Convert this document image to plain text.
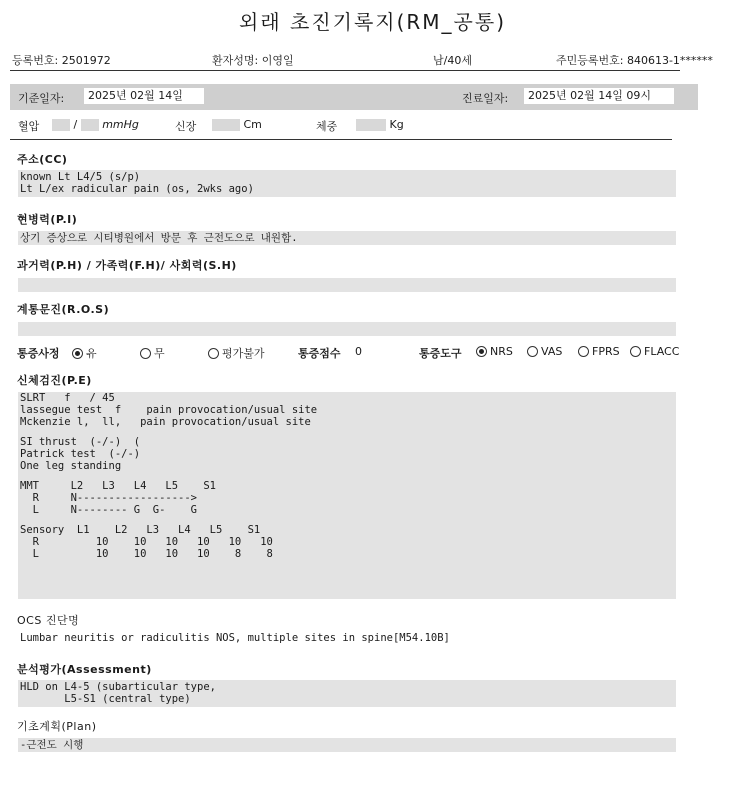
외래 초진기록지(RM_공통)
등록번호: 2501972	환자성명: 이영일	남/40세	주민등록번호: 840613-1******
기준일자:	2025년 02월 14일	진료일자:	2025년 02월 14일 09시
혈압	/ mmHg	신장	Cm	체중	Kg
주소(CC)
known Lt L4/5 (s/p)
Lt L/ex radicular pain (os, 2wks ago)
현병력(P.I)
상기 증상으로 시티병원에서 방문 후 근전도으로 내원함.
과거력(P.H) / 가족력(F.H)/ 사회력(S.H)
계통문진(R.O.S)
통증사정	유	무	평가불가	통증점수 0	통증도구	NRS	VAS	FPRS	FLACC
신체검진(P.E)
SLRT   f   / 45
lassegue test  f    pain provocation/usual site
Mckenzie l,  ll,   pain provocation/usual site
SI thrust  (-/-)  (
Patrick test  (-/-)
One leg standing
MMT     L2   L3   L4   L5    S1
R     N------------------>
L     N-------- G  G-    G
Sensory  L1    L2   L3   L4   L5    S1
R         10    10   10   10   10   10
L         10    10   10   10    8    8
OCS 진단명
Lumbar neuritis or radiculitis NOS, multiple sites in spine[M54.10B]
분석평가(Assessment)
HLD on L4-5 (subarticular type,
L5-S1 (central type)
기초계획(Plan)
-근전도 시행
